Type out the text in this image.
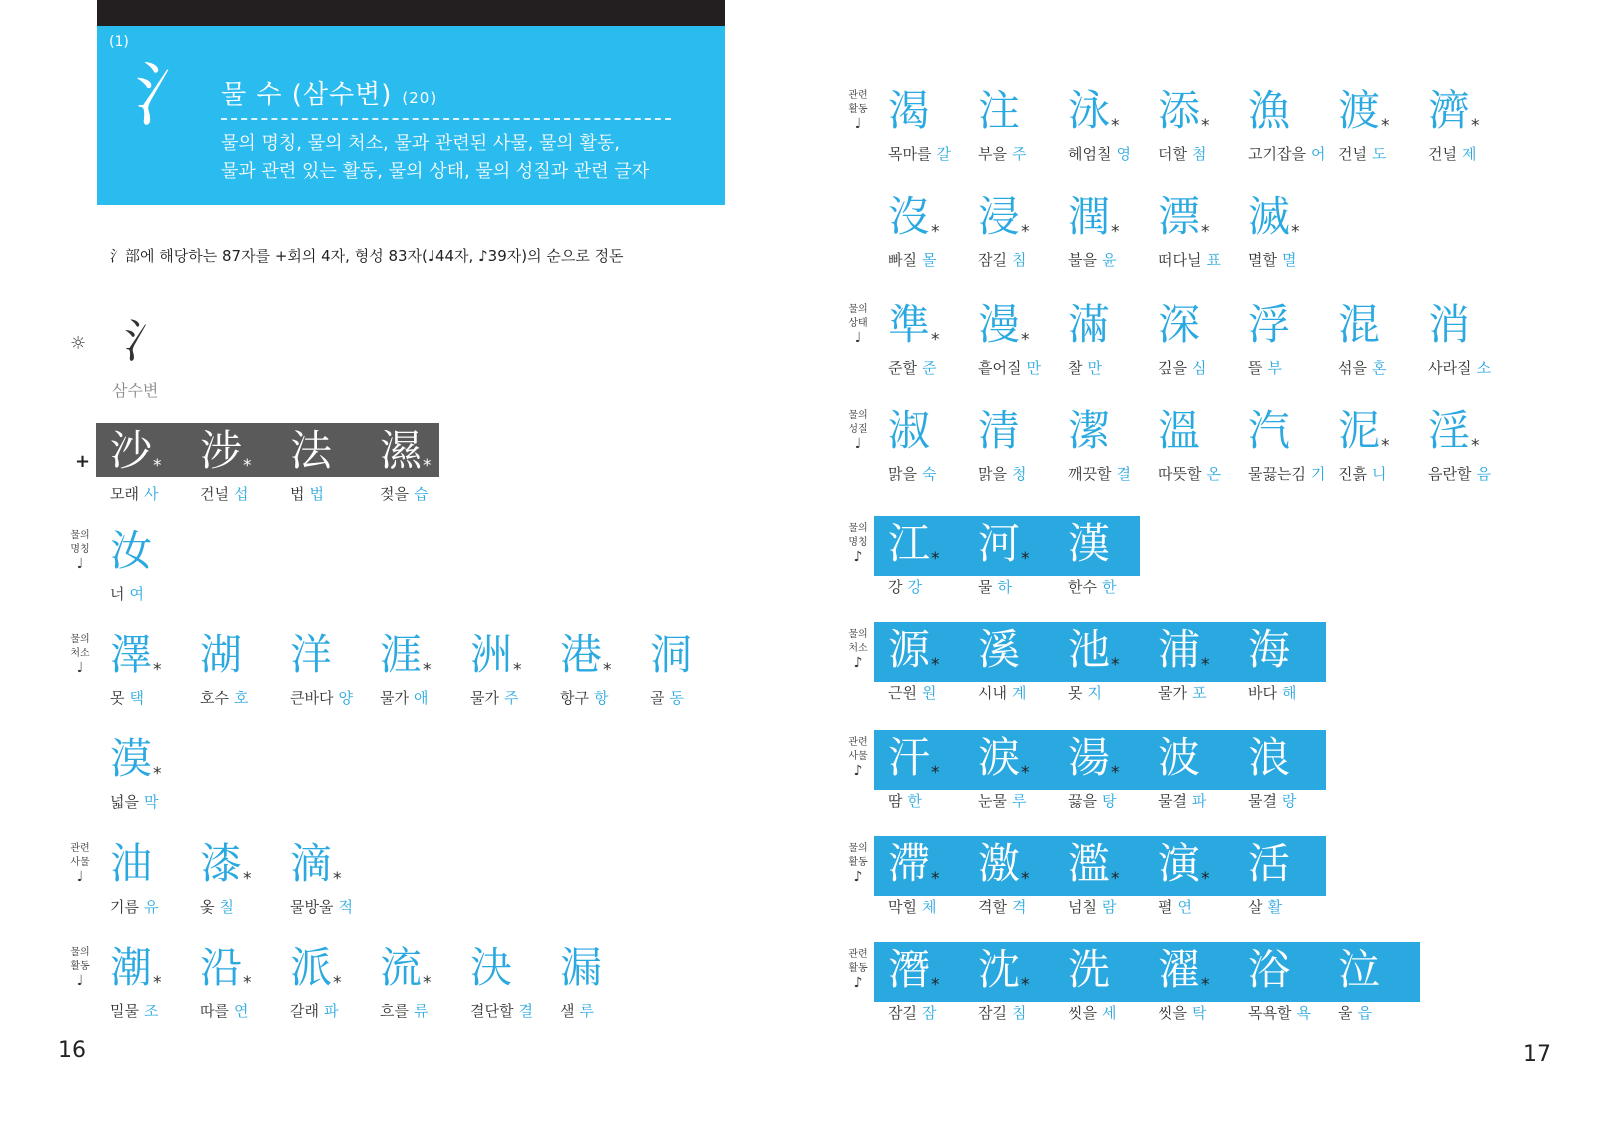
(1)
氵 물 수 (삼수변) (20)
물의 명칭, 물의 처소, 물과 관련된 사물, 물의 활동,
물과 관련 있는 활동, 물의 상태, 물의 성질과 관련 글자
氵部에 해당하는 87자를 +회의 4자, 형성 83자(♩44자, ♪39자)의 순으로 정돈
☼ 氵
삼수변
+ 沙*
모래 사
涉*
건널 섭
法
법 법
濕*
젖을 습
물의
명칭
♩ 汝
너 여
물의
처소
♩ 澤*
못 택
湖
호수 호
洋
큰바다 양
涯*
물가 애
洲*
물가 주
港*
항구 항
洞
골 동
漠*
넓을 막
관련
사물
♩ 油
기름 유
漆*
옻 칠
滴*
물방울 적
물의
활동
♩ 潮*
밀물 조
沿*
따를 연
派*
갈래 파
流*
흐를 류
決
결단할 결
漏
샐 루
관련
활동
♩ 渴
목마를 갈
注
부을 주
泳*
헤엄칠 영
添*
더할 첨
漁
고기잡을 어
渡*
건널 도
濟*
건널 제
沒*
빠질 몰
浸*
잠길 침
潤*
불을 윤
漂*
떠다닐 표
滅*
멸할 멸
물의
상태
♩ 準*
준할 준
漫*
흩어질 만
滿
찰 만
深
깊을 심
浮
뜰 부
混
섞을 혼
消
사라질 소
물의
성질
♩ 淑
맑을 숙
清
맑을 청
潔
깨끗할 결
溫
따뜻할 온
汽
물끓는김 기
泥*
진흙 니
淫*
음란할 음
물의
명칭
♪ 江*
강 강
河*
물 하
漢
한수 한
물의
처소
♪ 源*
근원 원
溪
시내 계
池*
못 지
浦*
물가 포
海
바다 해
관련
사물
♪ 汗*
땀 한
淚*
눈물 루
湯*
끓을 탕
波
물결 파
浪
물결 랑
물의
활동
♪ 滯*
막힐 체
激*
격할 격
濫*
넘칠 람
演*
펼 연
活
살 활
관련
활동
♪ 潛*
잠길 잠
沈*
잠길 침
洗
씻을 세
濯*
씻을 탁
浴
목욕할 욕
泣
울 읍
16	17
